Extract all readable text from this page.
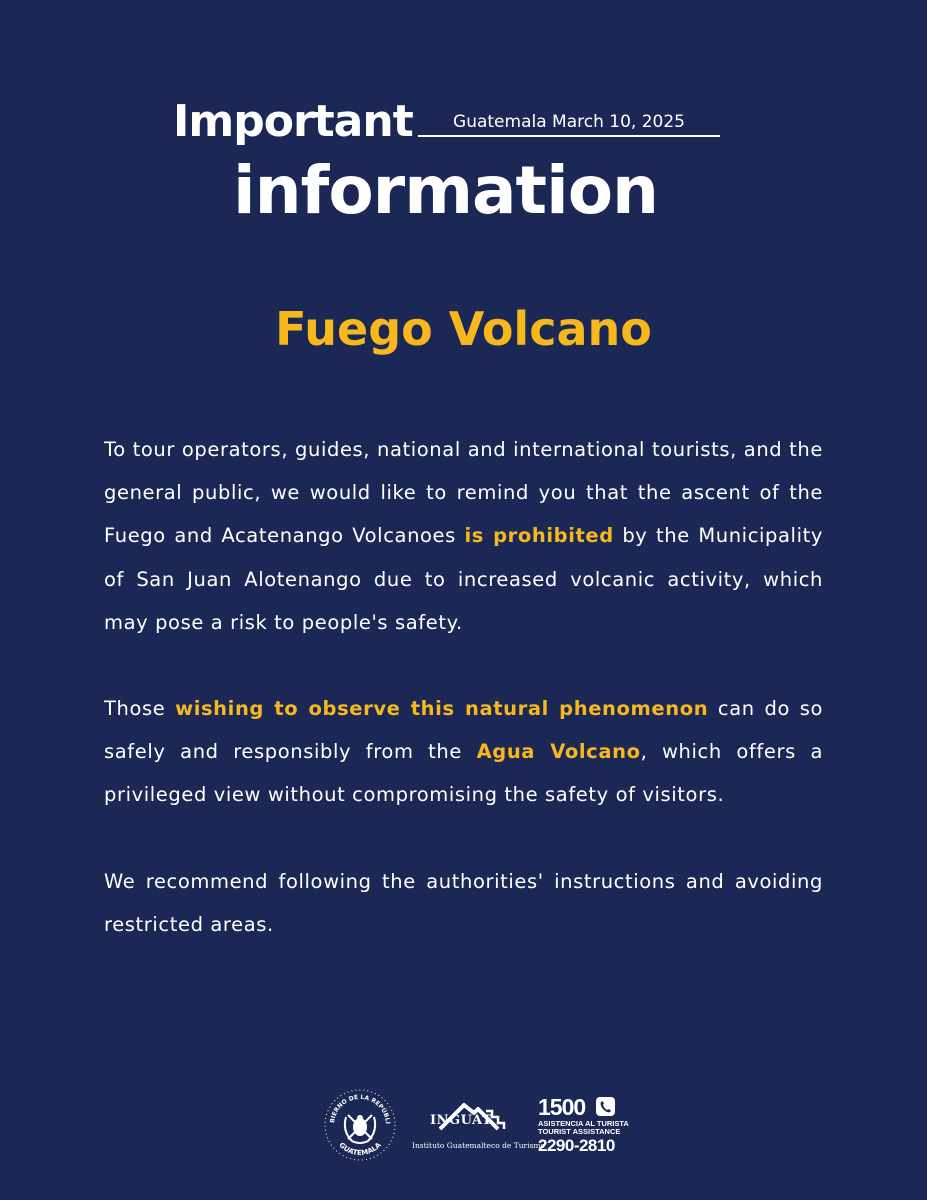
Important	Guatemala March 10, 2025
information
Fuego Volcano

To tour operators, guides, national and international tourists, and the general public, we would like to remind you that the ascent of the Fuego and Acatenango Volcanoes is prohibited by the Municipality of San Juan Alotenango due to increased volcanic activity, which may pose a risk to people's safety.

Those wishing to observe this natural phenomenon can do so safely and responsibly from the Agua Volcano, which offers a privileged view without compromising the safety of visitors.

We recommend following the authorities' instructions and avoiding restricted areas.

BIERNO DE LA REPÚBLI
GUATEMALA
INGUAT
Instituto Guatemalteco de Turismo
1500
ASISTENCIA AL TURISTA
TOURIST ASSISTANCE
2290-2810
